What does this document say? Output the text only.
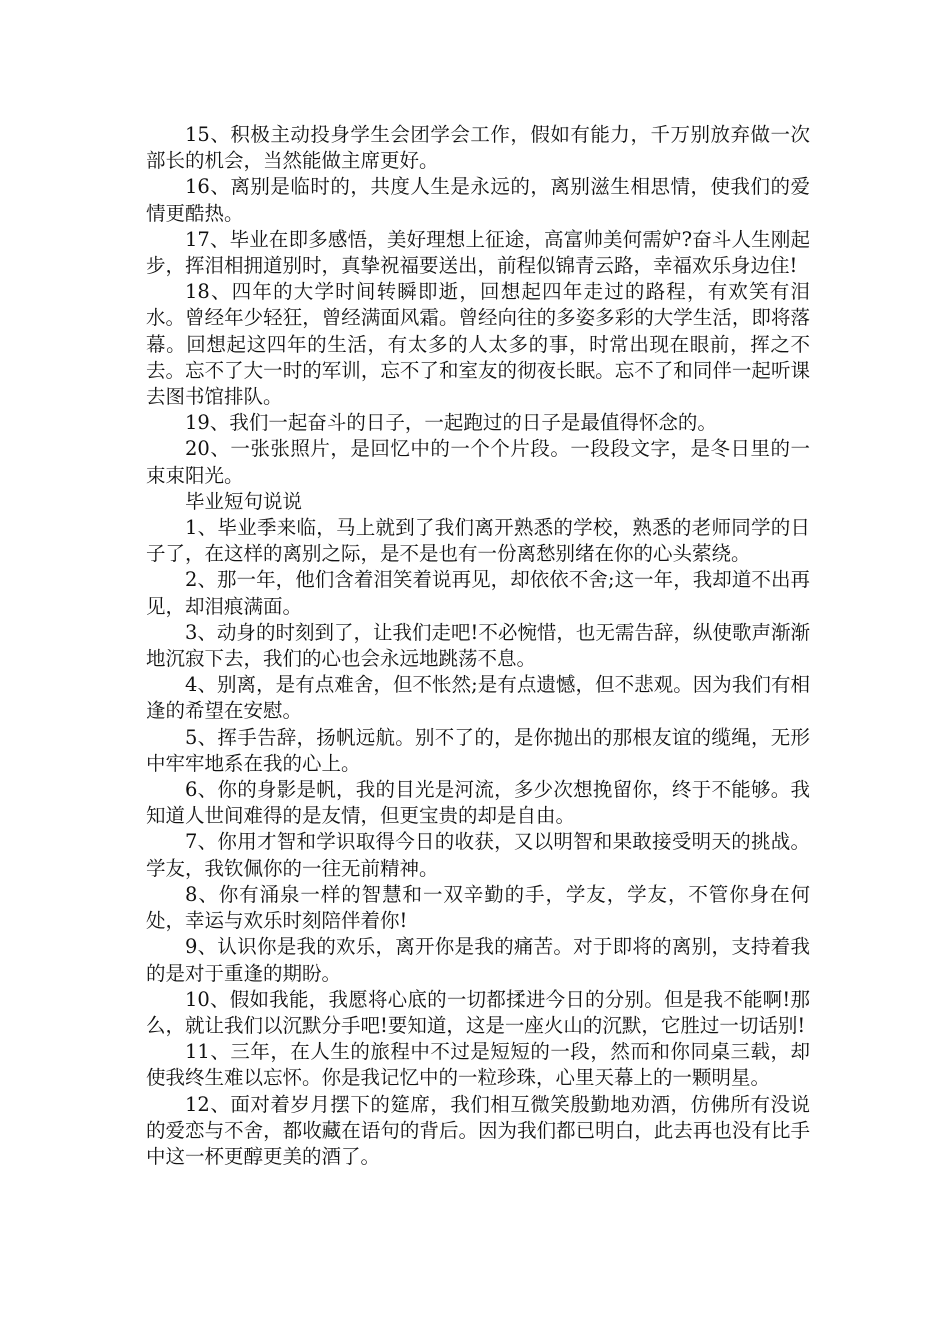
15、积极主动投身学生会团学会工作，假如有能力，千万别放弃做一次部长的机会，当然能做主席更好。

16、离别是临时的，共度人生是永远的，离别滋生相思情，使我们的爱情更酷热。

17、毕业在即多感悟，美好理想上征途，高富帅美何需妒?奋斗人生刚起步，挥泪相拥道别时，真挚祝福要送出，前程似锦青云路，幸福欢乐身边住!

18、四年的大学时间转瞬即逝，回想起四年走过的路程，有欢笑有泪水。曾经年少轻狂，曾经满面风霜。曾经向往的多姿多彩的大学生活，即将落幕。回想起这四年的生活，有太多的人太多的事，时常出现在眼前，挥之不去。忘不了大一时的军训，忘不了和室友的彻夜长眠。忘不了和同伴一起听课去图书馆排队。

19、我们一起奋斗的日子，一起跑过的日子是最值得怀念的。

20、一张张照片，是回忆中的一个个片段。一段段文字，是冬日里的一束束阳光。

毕业短句说说

1、毕业季来临，马上就到了我们离开熟悉的学校，熟悉的老师同学的日子了，在这样的离别之际，是不是也有一份离愁别绪在你的心头萦绕。

2、那一年，他们含着泪笑着说再见，却依依不舍;这一年，我却道不出再见，却泪痕满面。

3、动身的时刻到了，让我们走吧!不必惋惜，也无需告辞，纵使歌声渐渐地沉寂下去，我们的心也会永远地跳荡不息。

4、别离，是有点难舍，但不怅然;是有点遗憾，但不悲观。因为我们有相逢的希望在安慰。

5、挥手告辞，扬帆远航。别不了的，是你抛出的那根友谊的缆绳，无形中牢牢地系在我的心上。

6、你的身影是帆，我的目光是河流，多少次想挽留你，终于不能够。我知道人世间难得的是友情，但更宝贵的却是自由。

7、你用才智和学识取得今日的收获，又以明智和果敢接受明天的挑战。学友，我钦佩你的一往无前精神。

8、你有涌泉一样的智慧和一双辛勤的手，学友，学友，不管你身在何处，幸运与欢乐时刻陪伴着你!

9、认识你是我的欢乐，离开你是我的痛苦。对于即将的离别，支持着我的是对于重逢的期盼。

10、假如我能，我愿将心底的一切都揉进今日的分别。但是我不能啊!那么，就让我们以沉默分手吧!要知道，这是一座火山的沉默，它胜过一切话别!

11、三年，在人生的旅程中不过是短短的一段，然而和你同桌三载，却使我终生难以忘怀。你是我记忆中的一粒珍珠，心里天幕上的一颗明星。

12、面对着岁月摆下的筵席，我们相互微笑殷勤地劝酒，仿佛所有没说的爱恋与不舍，都收藏在语句的背后。因为我们都已明白，此去再也没有比手中这一杯更醇更美的酒了。
